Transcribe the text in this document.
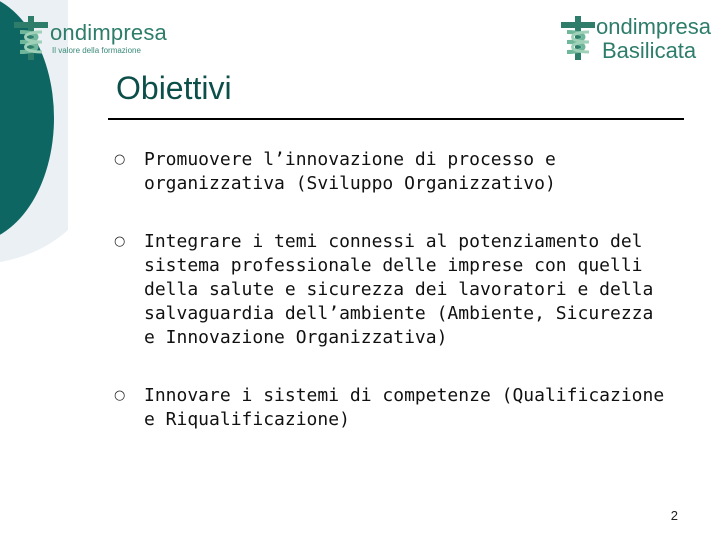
ondimpresa
Il valore della formazione
ondimpresa
Basilicata
Obiettivi
○ Promuovere l’innovazione di processo e organizzativa (Sviluppo Organizzativo)
○ Integrare i temi connessi al potenziamento del sistema professionale delle imprese con quelli della salute e sicurezza dei lavoratori e della salvaguardia dell’ambiente (Ambiente, Sicurezza e Innovazione Organizzativa)
○ Innovare i sistemi di competenze (Qualificazione e Riqualificazione)
2
